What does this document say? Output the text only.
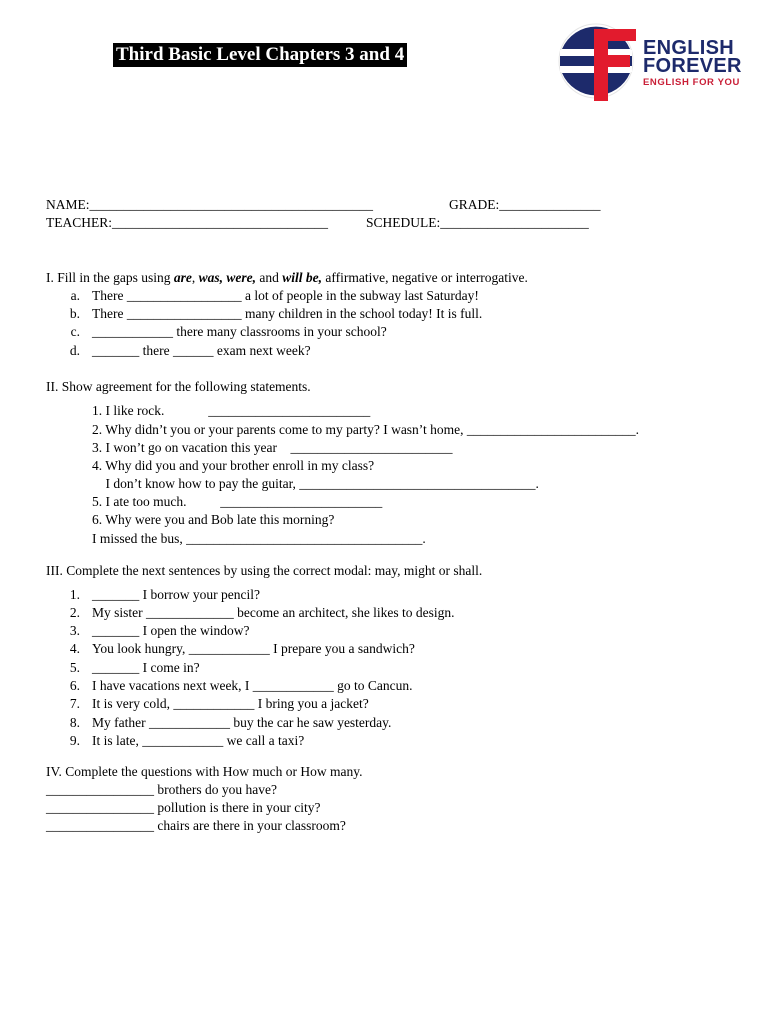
Third Basic Level Chapters 3 and 4	ENGLISH
FOREVER
ENGLISH FOR YOU
NAME:__________________________________________	GRADE:_______________
TEACHER:________________________________	SCHEDULE:______________________
I. Fill in the gaps using are, was, were, and will be, affirmative, negative or interrogative.
a. There _________________ a lot of people in the subway last Saturday!
b. There _________________ many children in the school today! It is full.
c. ____________ there many classrooms in your school?
d. _______ there ______ exam next week?
II. Show agreement for the following statements.
1. I like rock.             ________________________
2. Why didn’t you or your parents come to my party? I wasn’t home, _________________________.
3. I won’t go on vacation this year    ________________________
4. Why did you and your brother enroll in my class?
I don’t know how to pay the guitar, ___________________________________.
5. I ate too much.          ________________________
6. Why were you and Bob late this morning?
I missed the bus, ___________________________________.
III. Complete the next sentences by using the correct modal: may, might or shall.
1. _______ I borrow your pencil?
2. My sister _____________ become an architect, she likes to design.
3. _______ I open the window?
4. You look hungry, ____________ I prepare you a sandwich?
5. _______ I come in?
6. I have vacations next week, I ____________ go to Cancun.
7. It is very cold, ____________ I bring you a jacket?
8. My father ____________ buy the car he saw yesterday.
9. It is late, ____________ we call a taxi?
IV. Complete the questions with How much or How many.
________________ brothers do you have?
________________ pollution is there in your city?
________________ chairs are there in your classroom?
